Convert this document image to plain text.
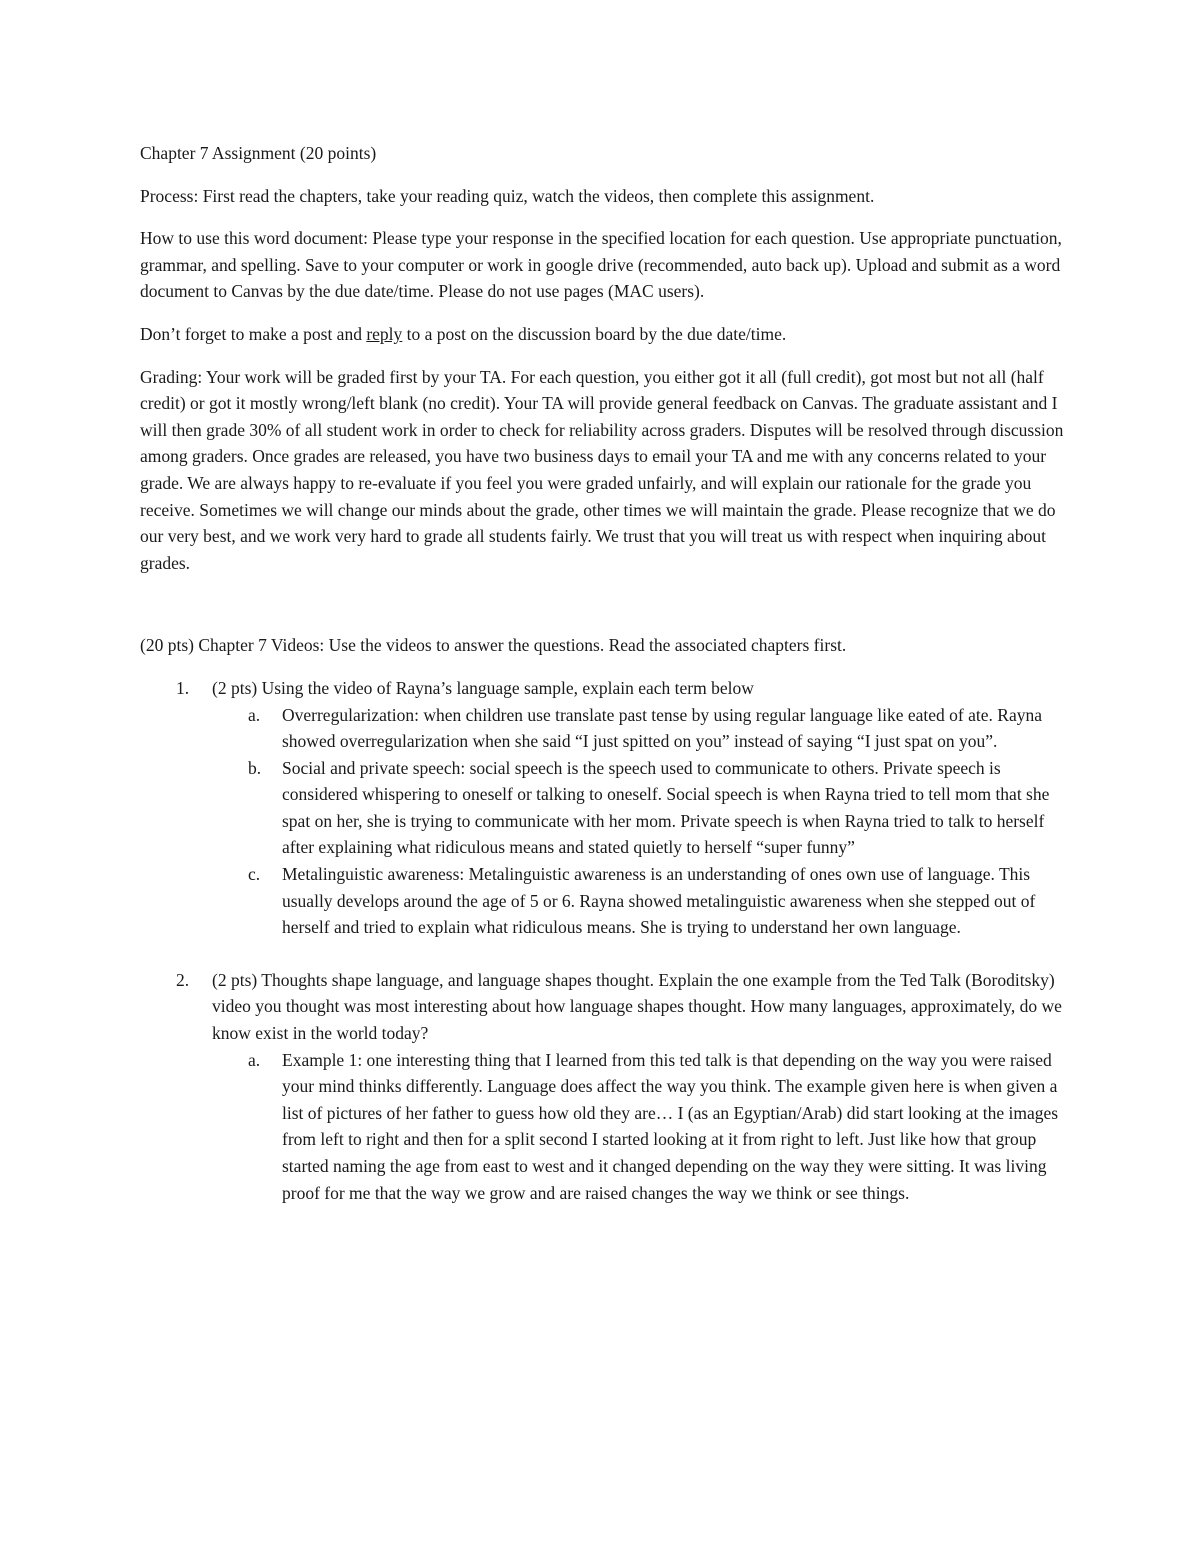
Chapter 7 Assignment (20 points)

Process: First read the chapters, take your reading quiz, watch the videos, then complete this assignment.

How to use this word document: Please type your response in the specified location for each question. Use appropriate punctuation, grammar, and spelling. Save to your computer or work in google drive (recommended, auto back up). Upload and submit as a word document to Canvas by the due date/time. Please do not use pages (MAC users).

Don’t forget to make a post and reply to a post on the discussion board by the due date/time.

Grading: Your work will be graded first by your TA. For each question, you either got it all (full credit), got most but not all (half credit) or got it mostly wrong/left blank (no credit). Your TA will provide general feedback on Canvas. The graduate assistant and I will then grade 30% of all student work in order to check for reliability across graders. Disputes will be resolved through discussion among graders. Once grades are released, you have two business days to email your TA and me with any concerns related to your grade. We are always happy to re-evaluate if you feel you were graded unfairly, and will explain our rationale for the grade you receive. Sometimes we will change our minds about the grade, other times we will maintain the grade. Please recognize that we do our very best, and we work very hard to grade all students fairly. We trust that you will treat us with respect when inquiring about grades.

(20 pts) Chapter 7 Videos: Use the videos to answer the questions. Read the associated chapters first.

1. (2 pts) Using the video of Rayna’s language sample, explain each term below
a. Overregularization: when children use translate past tense by using regular language like eated of ate. Rayna showed overregularization when she said “I just spitted on you” instead of saying “I just spat on you”.
b. Social and private speech: social speech is the speech used to communicate to others. Private speech is considered whispering to oneself or talking to oneself. Social speech is when Rayna tried to tell mom that she spat on her, she is trying to communicate with her mom. Private speech is when Rayna tried to talk to herself after explaining what ridiculous means and stated quietly to herself “super funny”
c. Metalinguistic awareness: Metalinguistic awareness is an understanding of ones own use of language. This usually develops around the age of 5 or 6. Rayna showed metalinguistic awareness when she stepped out of herself and tried to explain what ridiculous means. She is trying to understand her own language.
2. (2 pts) Thoughts shape language, and language shapes thought. Explain the one example from the Ted Talk (Boroditsky) video you thought was most interesting about how language shapes thought. How many languages, approximately, do we know exist in the world today?
a. Example 1: one interesting thing that I learned from this ted talk is that depending on the way you were raised your mind thinks differently. Language does affect the way you think. The example given here is when given a list of pictures of her father to guess how old they are… I (as an Egyptian/Arab) did start looking at the images from left to right and then for a split second I started looking at it from right to left. Just like how that group started naming the age from east to west and it changed depending on the way they were sitting. It was living proof for me that the way we grow and are raised changes the way we think or see things.
